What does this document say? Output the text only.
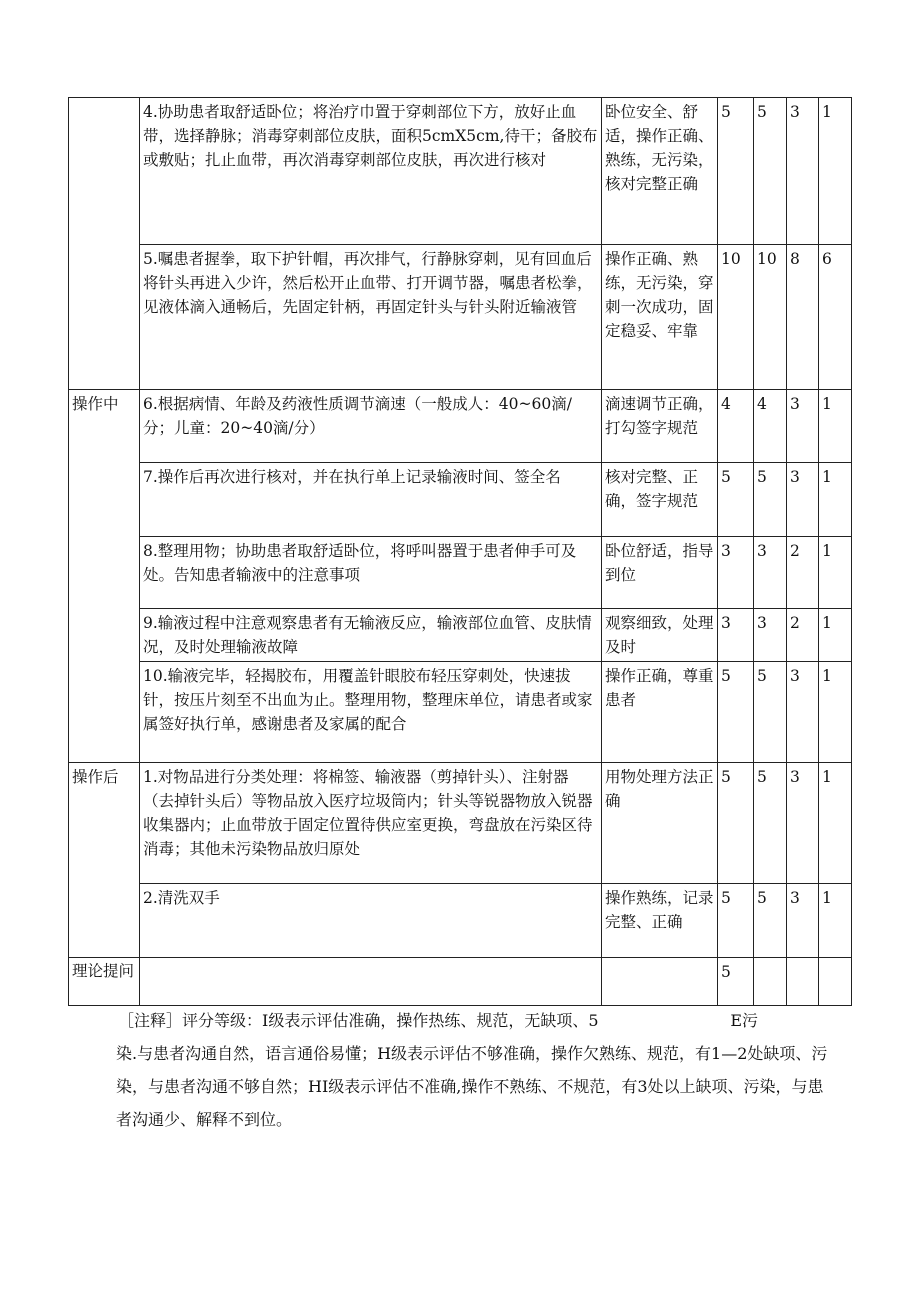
	4.协助患者取舒适卧位；将治疗巾置于穿刺部位下方，放好止血带，选择静脉；消毒穿刺部位皮肤，面积5cmX5cm,待干；备胶布或敷贴；扎止血带，再次消毒穿刺部位皮肤，再次进行核对	卧位安全、舒适，操作正确、熟练，无污染，核对完整正确	5	5	3	1
	5.嘱患者握拳，取下护针帽，再次排气，行静脉穿刺，见有回血后将针头再进入少许，然后松开止血带、打开调节器，嘱患者松拳，见液体滴入通畅后，先固定针柄，再固定针头与针头附近输液管	操作正确、熟练，无污染，穿刺一次成功，固定稳妥、牢靠	10	10	8	6
操作中	6.根据病情、年龄及药液性质调节滴速（一般成人：40~60滴/分；儿童：20~40滴/分）	滴速调节正确，打勾签字规范	4	4	3	1
	7.操作后再次进行核对，并在执行单上记录输液时间、签全名	核对完整、正确，签字规范	5	5	3	1
	8.整理用物；协助患者取舒适卧位，将呼叫器置于患者伸手可及处。告知患者输液中的注意事项	卧位舒适，指导到位	3	3	2	1
	9.输液过程中注意观察患者有无输液反应，输液部位血管、皮肤情况，及时处理输液故障	观察细致，处理及时	3	3	2	1
	10.输液完毕，轻揭胶布，用覆盖针眼胶布轻压穿刺处，快速拔针，按压片刻至不出血为止。整理用物，整理床单位，请患者或家属签好执行单，感谢患者及家属的配合	操作正确，尊重患者	5	5	3	1
操作后	1.对物品进行分类处理：将棉签、输液器（剪掉针头）、注射器（去掉针头后）等物品放入医疗垃圾筒内；针头等锐器物放入锐器收集器内；止血带放于固定位置待供应室更换，弯盘放在污染区待消毒；其他未污染物品放归原处	用物处理方法正确	5	5	3	1
	2.清洗双手	操作熟练，记录完整、正确	5	5	3	1
理论提问			5			

［注释］评分等级：I级表示评估准确，操作热练、规范，无缺项、5	E污

染.与患者沟通自然，语言通俗易懂；H级表示评估不够准确，操作欠熟练、规范，有1—2处缺项、污染，与患者沟通不够自然；HI级表示评估不准确,操作不熟练、不规范，有3处以上缺项、污染，与患者沟通少、解释不到位。
